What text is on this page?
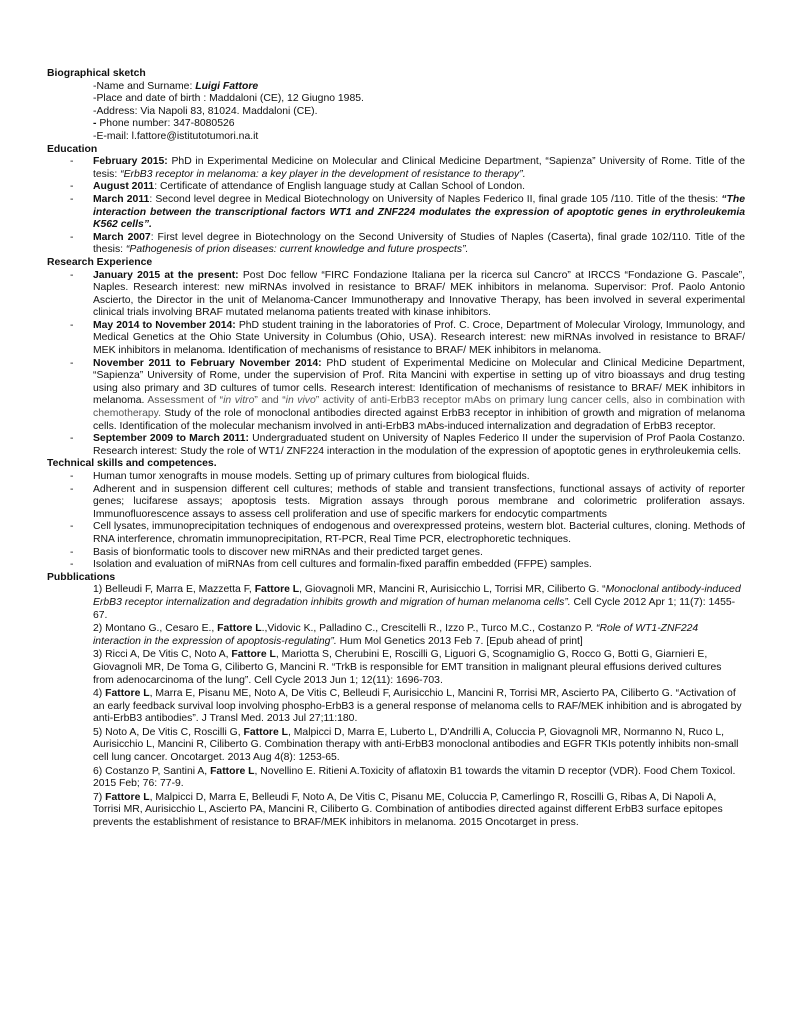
Biographical sketch
-Name and Surname: Luigi Fattore
-Place and date of birth : Maddaloni (CE), 12 Giugno 1985.
-Address: Via Napoli 83, 81024. Maddaloni (CE).
- Phone number: 347-8080526
-E-mail: l.fattore@istitutotumori.na.it
Education
- February 2015: PhD in Experimental Medicine on Molecular and Clinical Medicine Department, “Sapienza” University of Rome. Title of the tesis: “ErbB3 receptor in melanoma: a key player in the development of resistance to therapy”.
- August 2011: Certificate of attendance of English language study at Callan School of London.
- March 2011: Second level degree in Medical Biotechnology on University of Naples Federico II, final grade 105 /110. Title of the thesis: “The interaction between the transcriptional factors WT1 and ZNF224 modulates the expression of apoptotic genes in erythroleukemia K562 cells”.
- March 2007: First level degree in Biotechnology on the Second University of Studies of Naples (Caserta), final grade 102/110. Title of the thesis: “Pathogenesis of prion diseases: current knowledge and future prospects”.
Research Experience
- January 2015 at the present: Post Doc fellow “FIRC Fondazione Italiana per la ricerca sul Cancro” at IRCCS “Fondazione G. Pascale”, Naples. Research interest: new miRNAs involved in resistance to BRAF/ MEK inhibitors in melanoma. Supervisor: Prof. Paolo Antonio Ascierto, the Director in the unit of Melanoma-Cancer Immunotherapy and Innovative Therapy, has been involved in several experimental clinical trials involving BRAF mutated melanoma patients treated with kinase inhibitors.
- May 2014 to November 2014: PhD student training in the laboratories of Prof. C. Croce, Department of Molecular Virology, Immunology, and Medical Genetics at the Ohio State University in Columbus (Ohio, USA). Research interest: new miRNAs involved in resistance to BRAF/ MEK inhibitors in melanoma. Identification of mechanisms of resistance to BRAF/ MEK inhibitors in melanoma.
- November 2011 to February November 2014: PhD student of Experimental Medicine on Molecular and Clinical Medicine Department, “Sapienza” University of Rome, under the supervision of Prof. Rita Mancini with expertise in setting up of vitro bioassays and drug testing using also primary and 3D cultures of tumor cells. Research interest: Identification of mechanisms of resistance to BRAF/ MEK inhibitors in melanoma. Assessment of “in vitro” and “in vivo” activity of anti-ErbB3 receptor mAbs on primary lung cancer cells, also in combination with chemotherapy. Study of the role of monoclonal antibodies directed against ErbB3 receptor in inhibition of growth and migration of melanoma cells. Identification of the molecular mechanism involved in anti-ErbB3 mAbs-induced internalization and degradation of ErbB3 receptor.
- September 2009 to March 2011: Undergraduated student on University of Naples Federico II under the supervision of Prof Paola Costanzo. Research interest: Study the role of WT1/ ZNF224 interaction in the modulation of the expression of apoptotic genes in erythroleukemia cells.
Technical skills and competences.
- Human tumor xenografts in mouse models. Setting up of primary cultures from biological fluids.
- Adherent and in suspension different cell cultures; methods of stable and transient transfections, functional assays of activity of reporter genes; lucifarese assays; apoptosis tests. Migration assays through porous membrane and colorimetric proliferation assays. Immunofluorescence assays to assess cell proliferation and use of specific markers for endocytic compartments
- Cell lysates, immunoprecipitation techniques of endogenous and overexpressed proteins, western blot. Bacterial cultures, cloning. Methods of RNA interference, chromatin immunoprecipitation, RT-PCR, Real Time PCR, electrophoretic techniques.
- Basis of bionformatic tools to discover new miRNAs and their predicted target genes.
- Isolation and evaluation of miRNAs from cell cultures and formalin-fixed paraffin embedded (FFPE) samples.
Pubblications
1) Belleudi F, Marra E, Mazzetta F, Fattore L, Giovagnoli MR, Mancini R, Aurisicchio L, Torrisi MR, Ciliberto G. “Monoclonal antibody-induced ErbB3 receptor internalization and degradation inhibits growth and migration of human melanoma cells”. Cell Cycle 2012 Apr 1; 11(7): 1455-67.
2) Montano G., Cesaro E., Fattore L.,Vidovic K., Palladino C., Crescitelli R., Izzo P., Turco M.C., Costanzo P. “Role of WT1-ZNF224 interaction in the expression of apoptosis-regulating”. Hum Mol Genetics 2013 Feb 7. [Epub ahead of print]
3) Ricci A, De Vitis C, Noto A, Fattore L, Mariotta S, Cherubini E, Roscilli G, Liguori G, Scognamiglio G, Rocco G, Botti G, Giarnieri E, Giovagnoli MR, De Toma G, Ciliberto G, Mancini R. “TrkB is responsible for EMT transition in malignant pleural effusions derived cultures from adenocarcinoma of the lung”. Cell Cycle 2013 Jun 1; 12(11): 1696-703.
4) Fattore L, Marra E, Pisanu ME, Noto A, De Vitis C, Belleudi F, Aurisicchio L, Mancini R, Torrisi MR, Ascierto PA, Ciliberto G. “Activation of an early feedback survival loop involving phospho-ErbB3 is a general response of melanoma cells to RAF/MEK inhibition and is abrogated by anti-ErbB3 antibodies”. J Transl Med. 2013 Jul 27;11:180.
5) Noto A, De Vitis C, Roscilli G, Fattore L, Malpicci D, Marra E, Luberto L, D'Andrilli A, Coluccia P, Giovagnoli MR, Normanno N, Ruco L, Aurisicchio L, Mancini R, Ciliberto G. Combination therapy with anti-ErbB3 monoclonal antibodies and EGFR TKIs potently inhibits non-small cell lung cancer. Oncotarget. 2013 Aug 4(8): 1253-65.
6) Costanzo P, Santini A, Fattore L, Novellino E. Ritieni A.Toxicity of aflatoxin B1 towards the vitamin D receptor (VDR). Food Chem Toxicol. 2015 Feb; 76: 77-9.
7) Fattore L, Malpicci D, Marra E, Belleudi F, Noto A, De Vitis C, Pisanu ME, Coluccia P, Camerlingo R, Roscilli G, Ribas A, Di Napoli A, Torrisi MR, Aurisicchio L, Ascierto PA, Mancini R, Ciliberto G. Combination of antibodies directed against different ErbB3 surface epitopes prevents the establishment of resistance to BRAF/MEK inhibitors in melanoma. 2015 Oncotarget in press.
